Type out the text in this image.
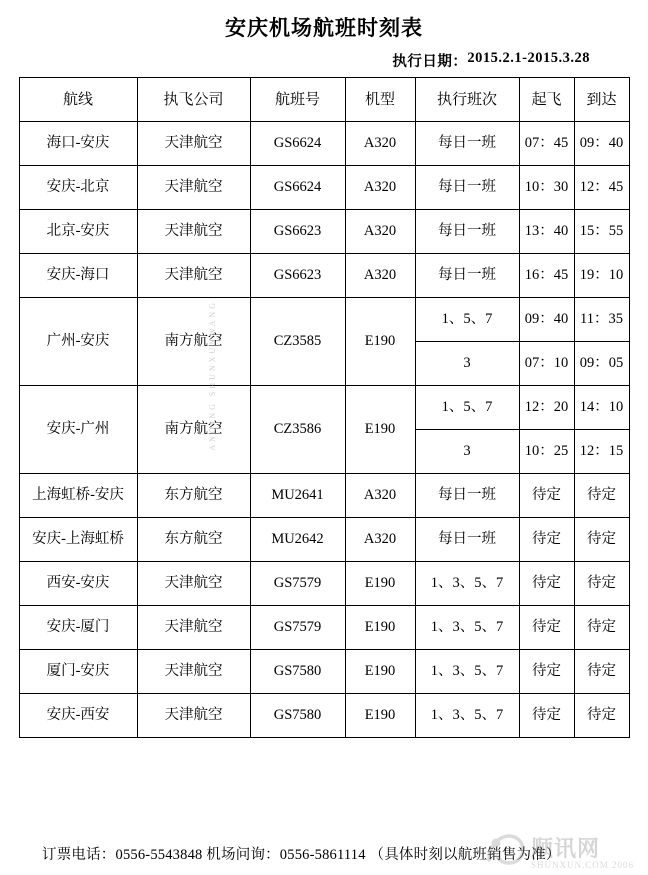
安庆机场航班时刻表
执行日期： 2015.2.1-2015.3.28
航线	执飞公司	航班号	机型	执行班次	起飞	到达
海口-安庆	天津航空	GS6624	A320	每日一班	07：45	09：40
安庆-北京	天津航空	GS6624	A320	每日一班	10：30	12：45
北京-安庆	天津航空	GS6623	A320	每日一班	13：40	15：55
安庆-海口	天津航空	GS6623	A320	每日一班	16：45	19：10
广州-安庆	南方航空	CZ3585	E190	1、5、7	09：40	11：35
				3	07：10	09：05
安庆-广州	南方航空	CZ3586	E190	1、5、7	12：20	14：10
				3	10：25	12：15
上海虹桥-安庆	东方航空	MU2641	A320	每日一班	待定	待定
安庆-上海虹桥	东方航空	MU2642	A320	每日一班	待定	待定
西安-安庆	天津航空	GS7579	E190	1、3、5、7	待定	待定
安庆-厦门	天津航空	GS7579	E190	1、3、5、7	待定	待定
厦门-安庆	天津航空	GS7580	E190	1、3、5、7	待定	待定
安庆-西安	天津航空	GS7580	E190	1、3、5、7	待定	待定
ANQING SHUNXUNWANG
订票电话：0556-5543848 机场问询：0556-5861114 （具体时刻以航班销售为准）
顺讯网
SHUNXUN.COM 2006
